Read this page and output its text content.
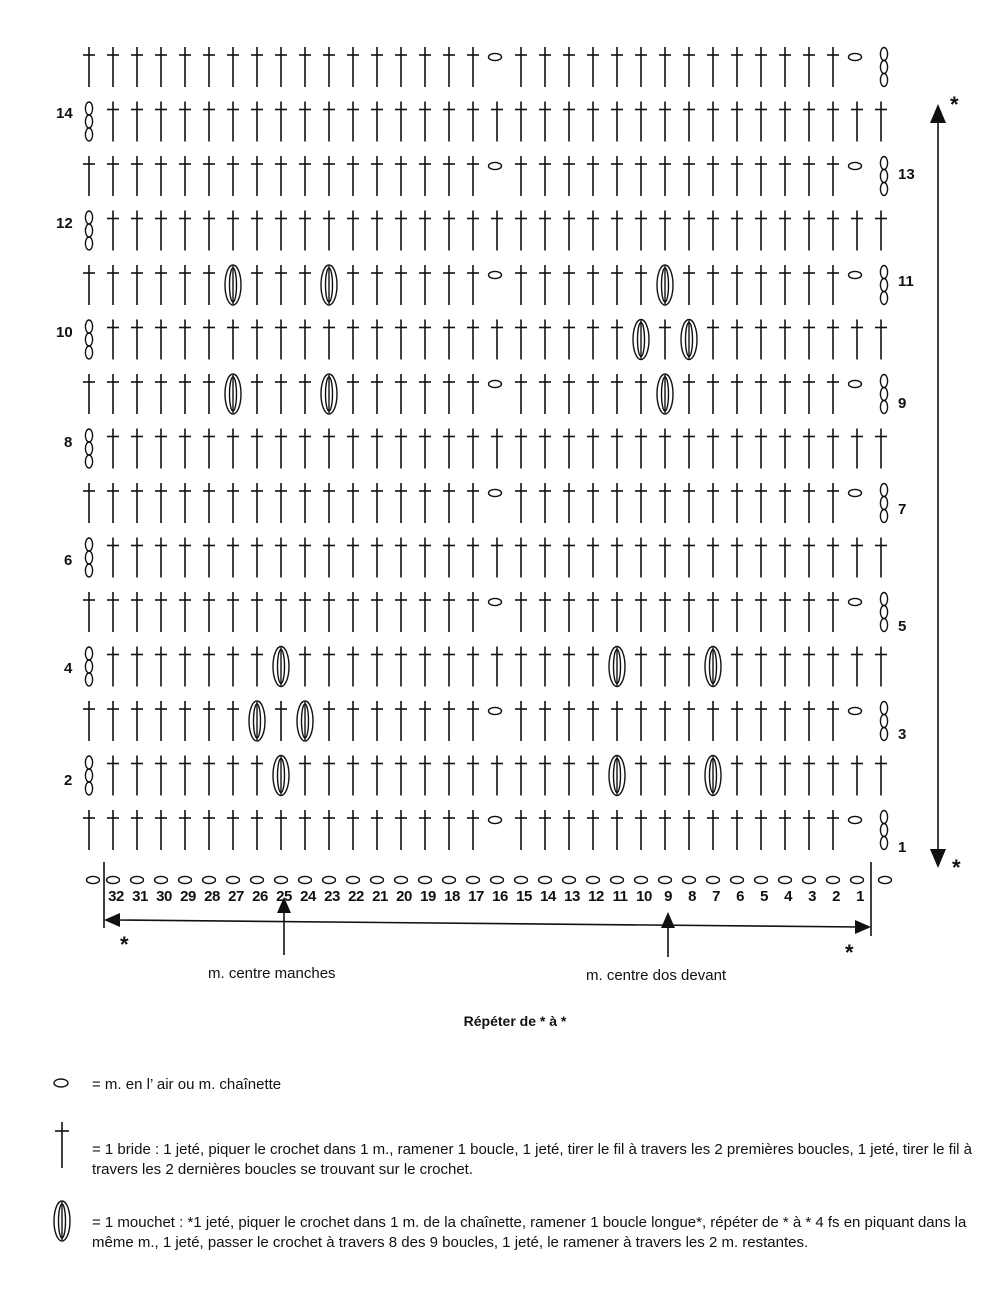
14
12
10
8
6
4
2
13
11
9
7
5
3
1
32 31 30 29 28 27 26 25 24 23 22 21 20 19 18 17 16 15 14 13 12 11 10 9	8	7	6	5	4	3	2	1
*
*
*	*
m. centre manches	m. centre dos devant
Répéter de * à *
= m. en l’ air ou m. chaînette
= 1 bride : 1 jeté, piquer le crochet dans 1 m., ramener 1 boucle, 1 jeté, tirer le fil à travers les 2 premières boucles, 1 jeté, tirer le fil à travers les 2 dernières boucles se trouvant sur le crochet.
= 1 mouchet : *1 jeté, piquer le crochet dans 1 m. de la chaînette, ramener 1 boucle longue*, répéter de * à * 4 fs en piquant dans la même m., 1 jeté, passer le crochet à travers 8 des 9 boucles, 1 jeté, le ramener à travers les 2 m. restantes.
